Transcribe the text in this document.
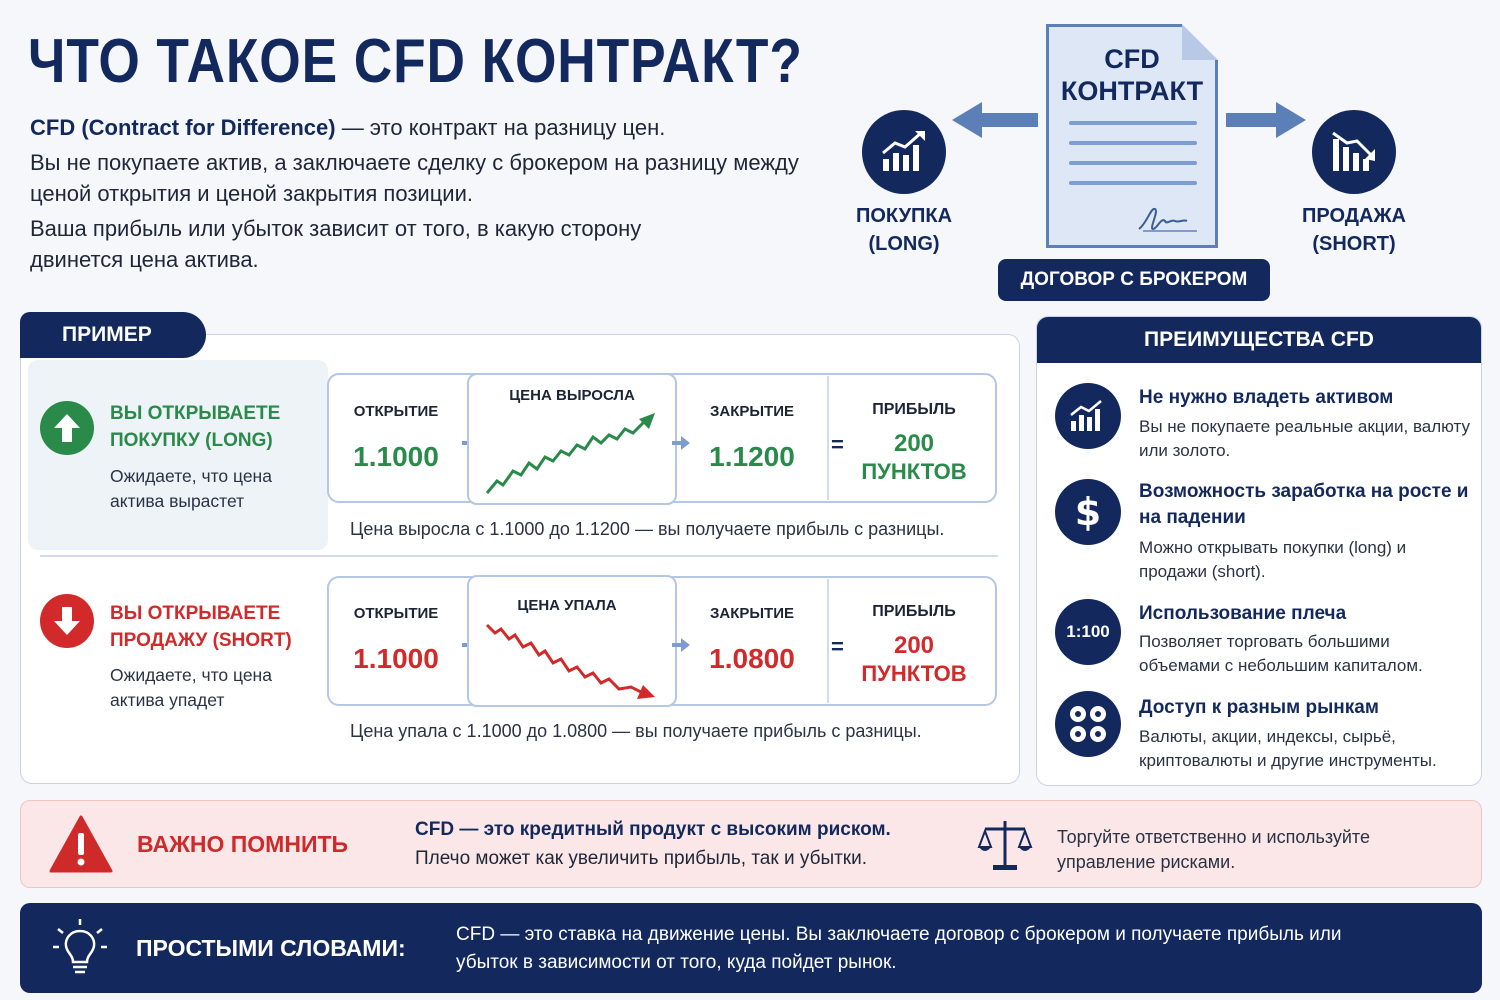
ЧТО ТАКОЕ CFD КОНТРАКТ?

CFD (Contract for Difference) — это контракт на разницу цен.

Вы не покупаете актив, а заключаете сделку с брокером на разницу между ценой открытия и ценой закрытия позиции.

Ваша прибыль или убыток зависит от того, в какую сторону двинется цена актива.

ПОКУПКА
(LONG)
CFD
КОНТРАКТ
ПРОДАЖА
(SHORT)
ДОГОВОР С БРОКЕРОМ
ПРИМЕР
ВЫ ОТКРЫВАЕТЕ
ПОКУПКУ (LONG)
Ожидаете, что цена актива вырастет
ОТКРЫТИЕ
1.1000
ЦЕНА ВЫРОСЛА
ЗАКРЫТИЕ
1.1200	=
ПРИБЫЛЬ
200
ПУНКТОВ
Цена выросла с 1.1000 до 1.1200 — вы получаете прибыль с разницы.
ВЫ ОТКРЫВАЕТЕ
ПРОДАЖУ (SHORT)
Ожидаете, что цена актива упадет
ОТКРЫТИЕ
1.1000
ЦЕНА УПАЛА	ЗАКРЫТИЕ
1.0800	=
ПРИБЫЛЬ
200
ПУНКТОВ
Цена упала с 1.1000 до 1.0800 — вы получаете прибыль с разницы.
ПРЕИМУЩЕСТВА CFD
Не нужно владеть активом
Вы не покупаете реальные акции, валюту или золото.
$ Возможность заработка на росте и на падении
Можно открывать покупки (long) и продажи (short).
1:100
Использование плеча
Позволяет торговать большими объемами с небольшим капиталом.
Доступ к разным рынкам
Валюты, акции, индексы, сырьё, криптовалюты и другие инструменты.
ВАЖНО ПОМНИТЬ
CFD — это кредитный продукт с высоким риском.
Плечо может как увеличить прибыль, так и убытки.
Торгуйте ответственно и используйте управление рисками.
ПРОСТЫМИ СЛОВАМИ:
CFD — это ставка на движение цены. Вы заключаете договор с брокером и получаете прибыль или убыток в зависимости от того, куда пойдет рынок.
